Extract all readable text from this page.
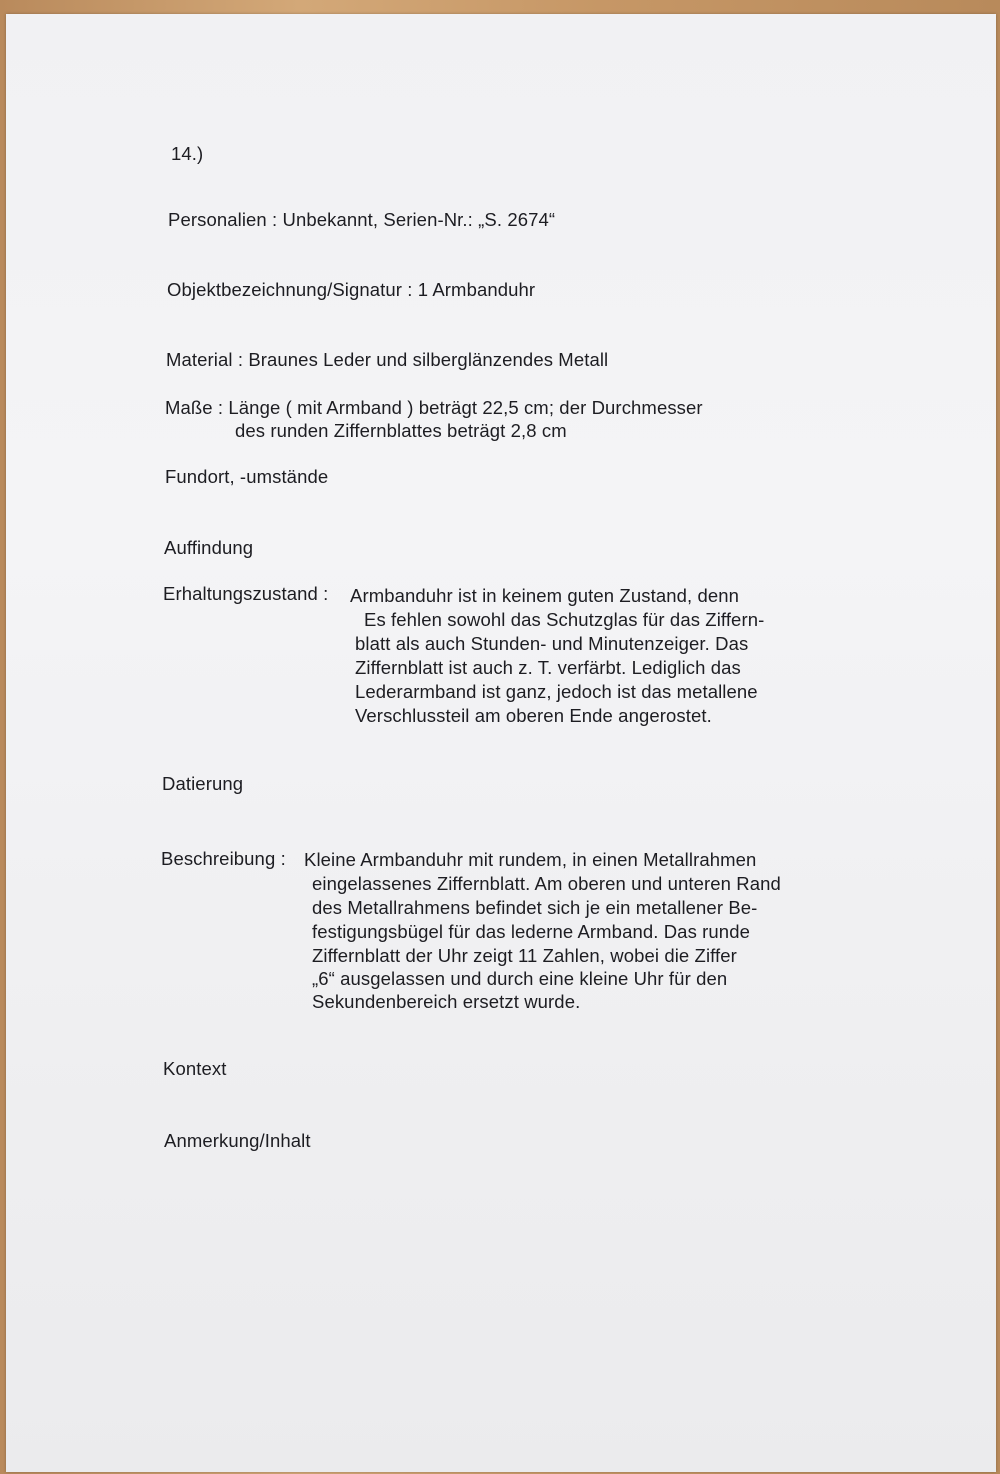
14.)
Personalien : Unbekannt, Serien-Nr.: „S. 2674“
Objektbezeichnung/Signatur : 1 Armbanduhr
Material : Braunes Leder und silberglänzendes Metall
Maße : Länge ( mit Armband ) beträgt 22,5 cm; der Durchmesser
des runden Ziffernblattes beträgt 2,8 cm
Fundort, -umstände
Auffindung
Erhaltungszustand : Armbanduhr ist in keinem guten Zustand, denn
Es fehlen sowohl das Schutzglas für das Ziffern-
blatt als auch Stunden- und Minutenzeiger. Das
Ziffernblatt ist auch z. T. verfärbt. Lediglich das
Lederarmband ist ganz, jedoch ist das metallene
Verschlussteil am oberen Ende angerostet.
Datierung
Beschreibung : Kleine Armbanduhr mit rundem, in einen Metallrahmen
eingelassenes Ziffernblatt. Am oberen und unteren Rand
des Metallrahmens befindet sich je ein metallener Be-
festigungsbügel für das lederne Armband. Das runde
Ziffernblatt der Uhr zeigt 11 Zahlen, wobei die Ziffer
„6“ ausgelassen und durch eine kleine Uhr für den
Sekundenbereich ersetzt wurde.
Kontext
Anmerkung/Inhalt
